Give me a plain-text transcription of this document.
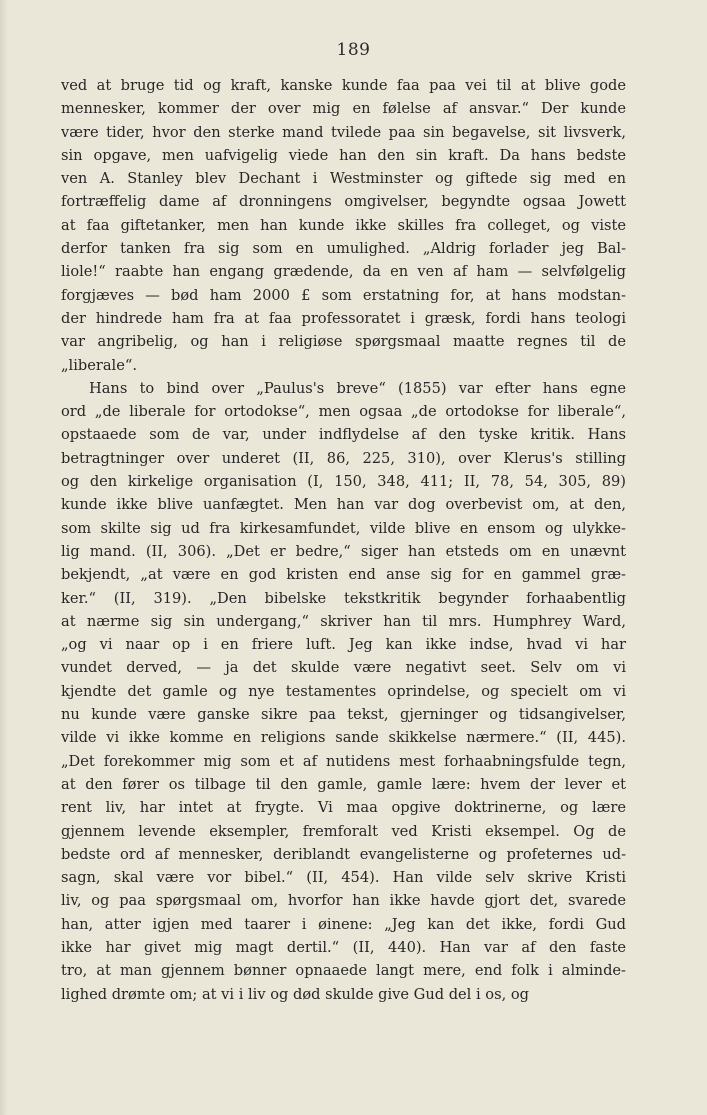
189
ved at bruge tid og kraft, kanske kunde faa paa vei til at blive gode
mennesker, kommer der over mig en følelse af ansvar.“ Der kunde
være tider, hvor den sterke mand tvilede paa sin begavelse, sit livsverk,
sin opgave, men uafvigelig viede han den sin kraft. Da hans bedste
ven A. Stanley blev Dechant i Westminster og giftede sig med en
fortræffelig dame af dronningens omgivelser, begyndte ogsaa Jowett
at faa giftetanker, men han kunde ikke skilles fra colleget, og viste
derfor tanken fra sig som en umulighed. „Aldrig forlader jeg Bal-
liole!“ raabte han engang grædende, da en ven af ham — selvfølgelig
forgjæves — bød ham 2000 £ som erstatning for, at hans modstan-
der hindrede ham fra at faa professoratet i græsk, fordi hans teologi
var angribelig, og han i religiøse spørgsmaal maatte regnes til de
„liberale“.
Hans to bind over „Paulus's breve“ (1855) var efter hans egne
ord „de liberale for ortodokse“, men ogsaa „de ortodokse for liberale“,
opstaaede som de var, under indflydelse af den tyske kritik. Hans
betragtninger over underet (II, 86, 225, 310), over Klerus's stilling
og den kirkelige organisation (I, 150, 348, 411; II, 78, 54, 305, 89)
kunde ikke blive uanfægtet. Men han var dog overbevist om, at den,
som skilte sig ud fra kirkesamfundet, vilde blive en ensom og ulykke-
lig mand. (II, 306). „Det er bedre,“ siger han etsteds om en unævnt
bekjendt, „at være en god kristen end anse sig for en gammel græ-
ker.“ (II, 319). „Den bibelske tekstkritik begynder forhaabentlig
at nærme sig sin undergang,“ skriver han til mrs. Humphrey Ward,
„og vi naar op i en friere luft. Jeg kan ikke indse, hvad vi har
vundet derved, — ja det skulde være negativt seet. Selv om vi
kjendte det gamle og nye testamentes oprindelse, og specielt om vi
nu kunde være ganske sikre paa tekst, gjerninger og tidsangivelser,
vilde vi ikke komme en religions sande skikkelse nærmere.“ (II, 445).
„Det forekommer mig som et af nutidens mest forhaabningsfulde tegn,
at den fører os tilbage til den gamle, gamle lære: hvem der lever et
rent liv, har intet at frygte. Vi maa opgive doktrinerne, og lære
gjennem levende eksempler, fremforalt ved Kristi eksempel. Og de
bedste ord af mennesker, deriblandt evangelisterne og profeternes ud-
sagn, skal være vor bibel.“ (II, 454). Han vilde selv skrive Kristi
liv, og paa spørgsmaal om, hvorfor han ikke havde gjort det, svarede
han, atter igjen med taarer i øinene: „Jeg kan det ikke, fordi Gud
ikke har givet mig magt dertil.“ (II, 440). Han var af den faste
tro, at man gjennem bønner opnaaede langt mere, end folk i alminde-
lighed drømte om; at vi i liv og død skulde give Gud del i os, og
